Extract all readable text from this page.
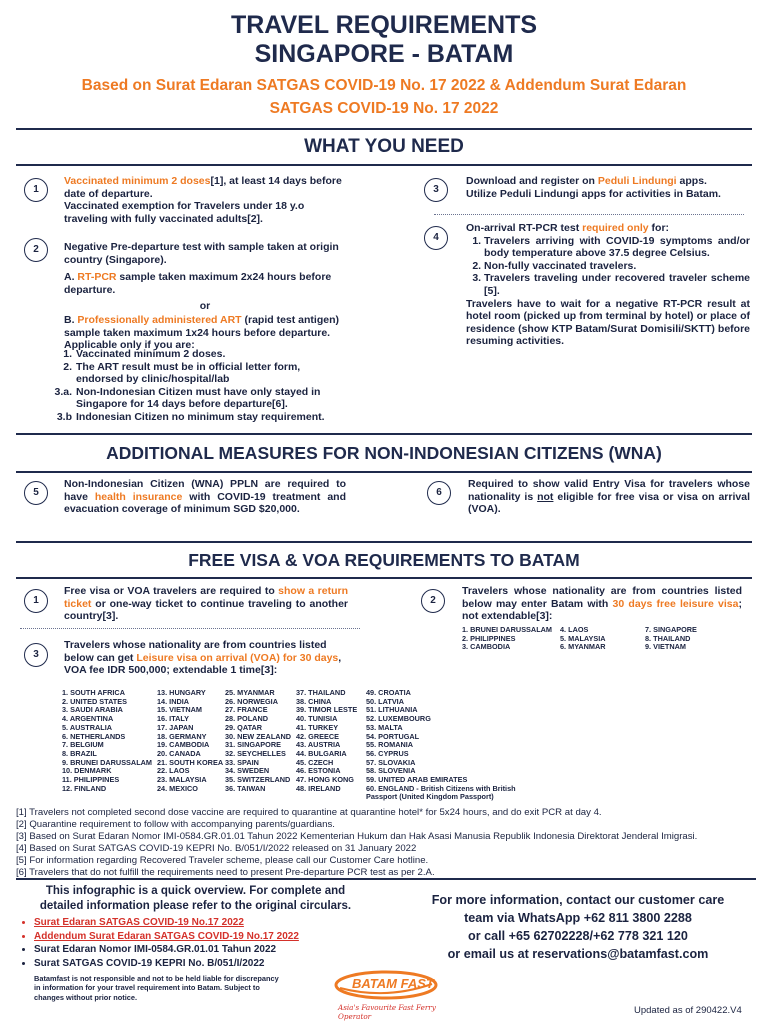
TRAVEL REQUIREMENTS
SINGAPORE - BATAM
Based on Surat Edaran SATGAS COVID-19 No. 17 2022 & Addendum Surat Edaran
SATGAS COVID-19 No. 17 2022
WHAT YOU NEED
1

Vaccinated minimum 2 doses[1], at least 14 days before date of departure.

Vaccinated exemption for Travelers under 18 y.o traveling with fully vaccinated adults[2].

2	Negative Pre-departure test with sample taken at origin country (Singapore).

A. RT-PCR sample taken maximum 2x24 hours before departure.

or

B. Professionally administered ART (rapid test antigen) sample taken maximum 1x24 hours before departure. Applicable only if you are:

1. Vaccinated minimum 2 doses.
2. The ART result must be in official letter form, endorsed by clinic/hospital/lab
3.a. Non-Indonesian Citizen must have only stayed in Singapore for 14 days before departure[6].
3.b Indonesian Citizen no minimum stay requirement.
3

Download and register on Peduli Lindungi apps.

Utilize Peduli Lindungi apps for activities in Batam.

4

On-arrival RT-PCR test required only for:

1. Travelers arriving with COVID-19 symptoms and/or body temperature above 37.5 degree Celsius.
2. Non-fully vaccinated travelers.
3. Travelers traveling under recovered traveler scheme [5].

Travelers have to wait for a negative RT-PCR result at hotel room (picked up from terminal by hotel) or place of residence (show KTP Batam/Surat Domisili/SKTT) before resuming activities.

ADDITIONAL MEASURES FOR NON-INDONESIAN CITIZENS (WNA)
5
Non-Indonesian Citizen (WNA) PPLN are required to have health insurance with COVID-19 treatment and evacuation coverage of minimum SGD $20,000.
6
Required to show valid Entry Visa for travelers whose nationality is not eligible for free visa or visa on arrival (VOA).
FREE VISA & VOA REQUIREMENTS TO BATAM
1
Free visa or VOA travelers are required to show a return ticket or one-way ticket to continue traveling to another country[3].
2
Travelers whose nationality are from countries listed below may enter Batam with 30 days free leisure visa; not extendable[3]:
1. BRUNEI DARUSSALAM
2. PHILIPPINES
3. CAMBODIA
4. LAOS
5. MALAYSIA
6. MYANMAR
7. SINGAPORE
8. THAILAND
9. VIETNAM
3
Travelers whose nationality are from countries listed below can get Leisure visa on arrival (VOA) for 30 days, VOA fee IDR 500,000; extendable 1 time[3]:
1. SOUTH AFRICA
2. UNITED STATES
3. SAUDI ARABIA
4. ARGENTINA
5. AUSTRALIA
6. NETHERLANDS
7. BELGIUM
8. BRAZIL
9. BRUNEI DARUSSALAM
10. DENMARK
11. PHILIPPINES
12. FINLAND
13. HUNGARY
14. INDIA
15. VIETNAM
16. ITALY
17. JAPAN
18. GERMANY
19. CAMBODIA
20. CANADA
21. SOUTH KOREA
22. LAOS
23. MALAYSIA
24. MEXICO
25. MYANMAR
26. NORWEGIA
27. FRANCE
28. POLAND
29. QATAR
30. NEW ZEALAND
31. SINGAPORE
32. SEYCHELLES
33. SPAIN
34. SWEDEN
35. SWITZERLAND
36. TAIWAN
37. THAILAND
38. CHINA
39. TIMOR LESTE
40. TUNISIA
41. TURKEY
42. GREECE
43. AUSTRIA
44. BULGARIA
45. CZECH
46. ESTONIA
47. HONG KONG
48. IRELAND
49. CROATIA
50. LATVIA
51. LITHUANIA
52. LUXEMBOURG
53. MALTA
54. PORTUGAL
55. ROMANIA
56. CYPRUS
57. SLOVAKIA
58. SLOVENIA
59. UNITED ARAB EMIRATES
60. ENGLAND - British Citizens with British Passport (United Kingdom Passport)
[1] Travelers not completed second dose vaccine are required to quarantine at quarantine hotel* for 5x24 hours, and do exit PCR at day 4.
[2] Quarantine requirement to follow with accompanying parents/guardians.
[3] Based on Surat Edaran Nomor IMI-0584.GR.01.01 Tahun 2022 Kementerian Hukum dan Hak Asasi Manusia Republik Indonesia Direktorat Jenderal Imigrasi.
[4] Based on Surat SATGAS COVID-19 KEPRI No. B/051/I/2022 released on 31 January 2022
[5] For information regarding Recovered Traveler scheme, please call our Customer Care hotline.
[6] Travelers that do not fulfill the requirements need to present Pre-departure PCR test as per 2.A.
This infographic is a quick overview. For complete and
detailed information please refer to the original circulars.
• Surat Edaran SATGAS COVID-19 No.17 2022
• Addendum Surat Edaran SATGAS COVID-19 No.17 2022
• Surat Edaran Nomor IMI-0584.GR.01.01 Tahun 2022
• Surat SATGAS COVID-19 KEPRI No. B/051/I/2022
Batamfast is not responsible and not to be held liable for discrepancy in information for your travel requirement into Batam. Subject to changes without prior notice.
For more information, contact our customer care
team via WhatsApp +62 811 3800 2288
or call +65 62702228/+62 778 321 120
or email us at reservations@batamfast.com
BATAM FAST
Asia's Favourite Fast Ferry Operator
Updated as of 290422.V4
